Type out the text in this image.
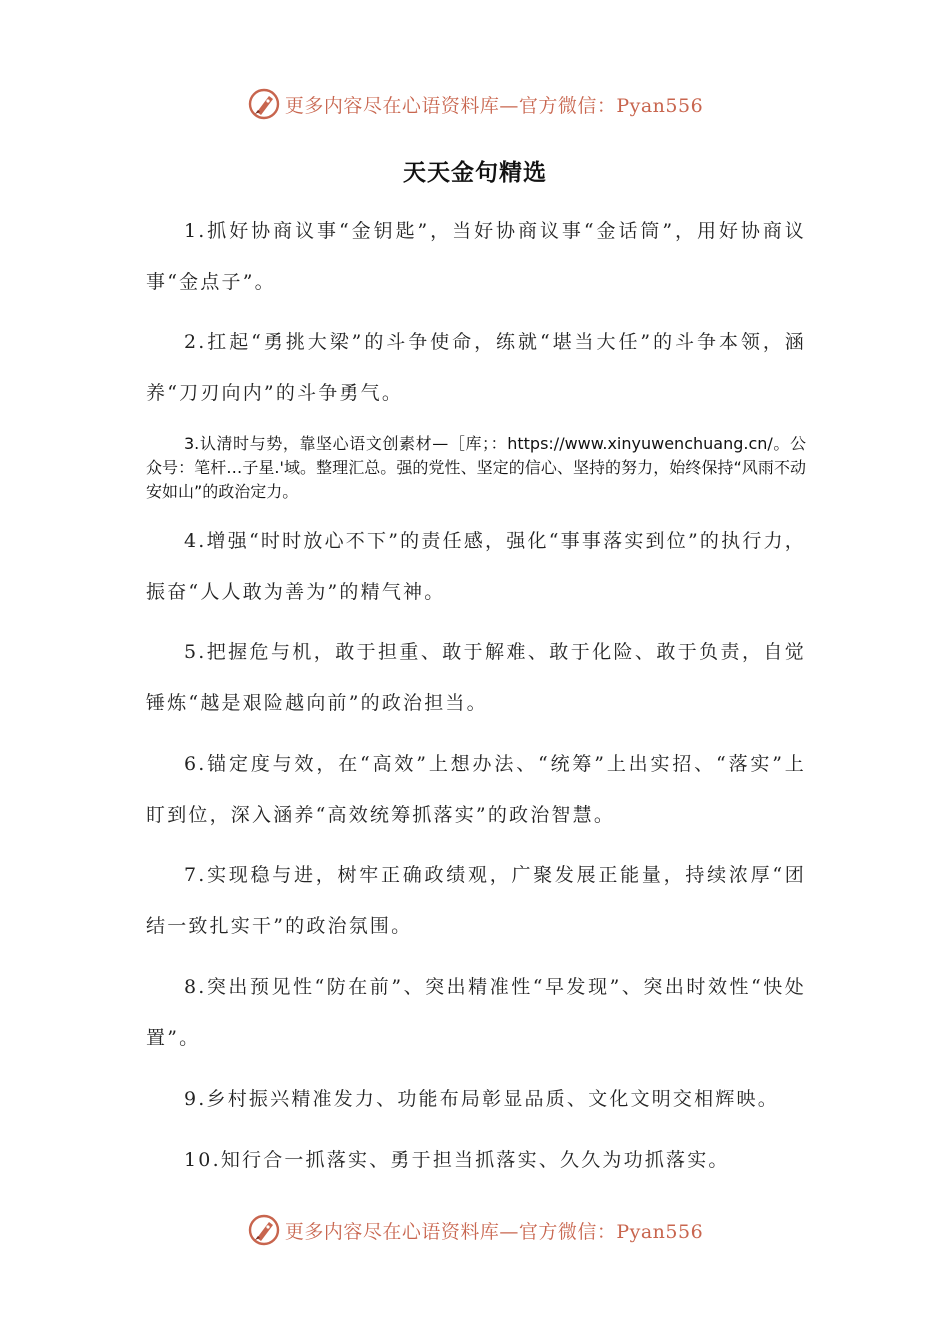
更多内容尽在心语资料库—官方微信：Pyan556
天天金句精选

1.抓好协商议事“金钥匙”，当好协商议事“金话筒”，用好协商议事“金点子”。

2.扛起“勇挑大梁”的斗争使命，练就“堪当大任”的斗争本领，涵养“刀刃向内”的斗争勇气。

3.认清时与势，靠坚心语文创素材—［库；：https://www.xinyuwenchuang.cn/。公众号：笔杆…子星.'域。整理汇总。强的党性、坚定的信心、坚持的努力，始终保持“风雨不动安如山”的政治定力。

4.增强“时时放心不下”的责任感，强化“事事落实到位”的执行力，振奋“人人敢为善为”的精气神。

5.把握危与机，敢于担重、敢于解难、敢于化险、敢于负责，自觉锤炼“越是艰险越向前”的政治担当。

6.锚定度与效，在“高效”上想办法、“统筹”上出实招、“落实”上盯到位，深入涵养“高效统筹抓落实”的政治智慧。

7.实现稳与进，树牢正确政绩观，广聚发展正能量，持续浓厚“团结一致扎实干”的政治氛围。

8.突出预见性“防在前”、突出精准性“早发现”、突出时效性“快处置”。

9.乡村振兴精准发力、功能布局彰显品质、文化文明交相辉映。

10.知行合一抓落实、勇于担当抓落实、久久为功抓落实。

更多内容尽在心语资料库—官方微信：Pyan556
